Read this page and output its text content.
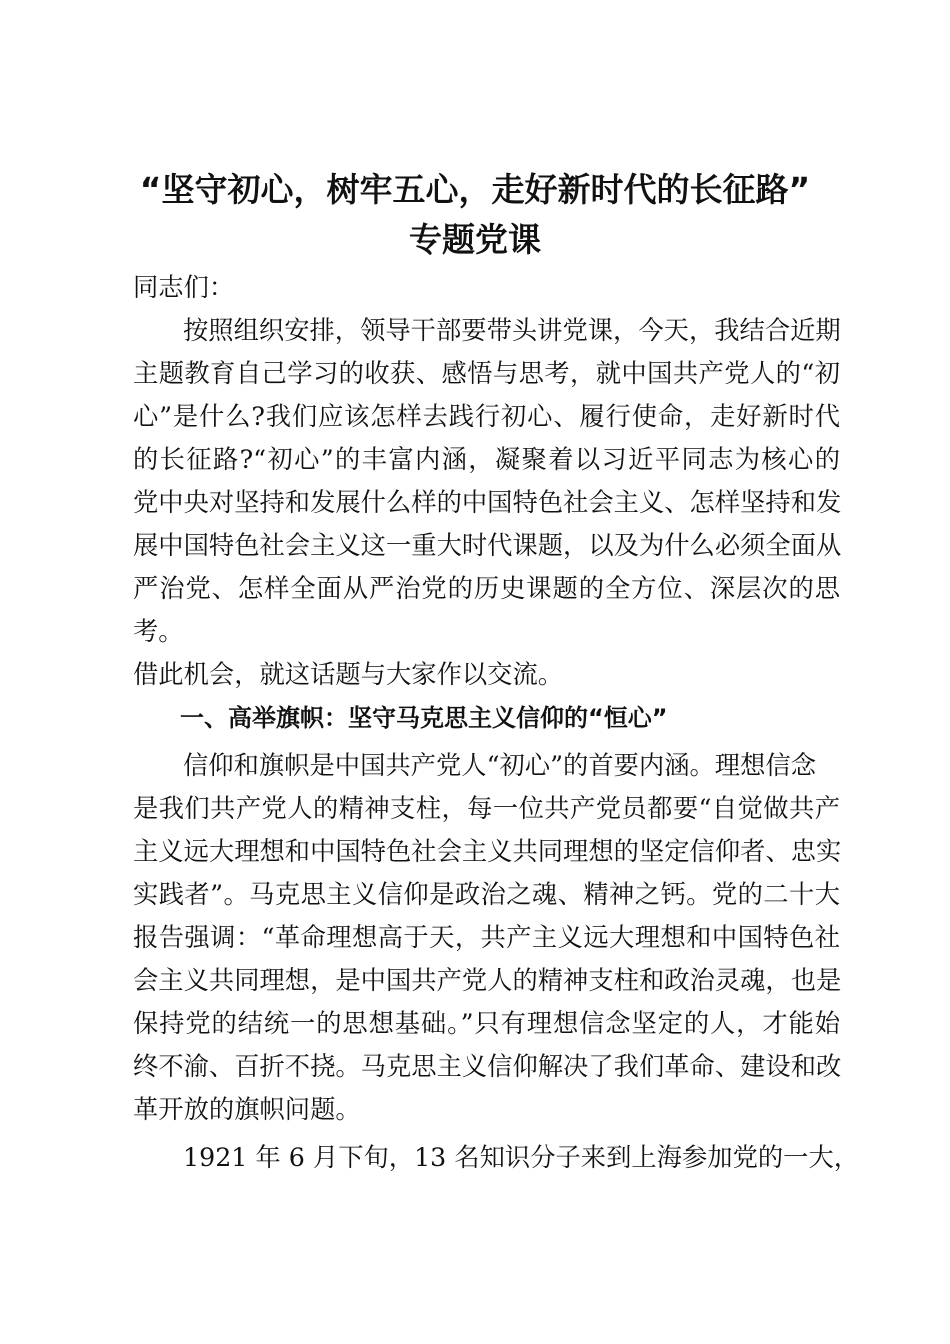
“坚守初心，树牢五心，走好新时代的长征路”
专题党课
同志们：
按照组织安排，领导干部要带头讲党课，今天，我结合近期
主题教育自己学习的收获、感悟与思考，就中国共产党人的“初
心”是什么?我们应该怎样去践行初心、履行使命，走好新时代
的长征路?“初心”的丰富内涵，凝聚着以习近平同志为核心的
党中央对坚持和发展什么样的中国特色社会主义、怎样坚持和发
展中国特色社会主义这一重大时代课题，以及为什么必须全面从
严治党、怎样全面从严治党的历史课题的全方位、深层次的思
考。
借此机会，就这话题与大家作以交流。
一、高举旗帜：坚守马克思主义信仰的“恒心”
信仰和旗帜是中国共产党人“初心”的首要内涵。理想信念
是我们共产党人的精神支柱，每一位共产党员都要“自觉做共产
主义远大理想和中国特色社会主义共同理想的坚定信仰者、忠实
实践者”。马克思主义信仰是政治之魂、精神之钙。党的二十大
报告强调：“革命理想高于天，共产主义远大理想和中国特色社
会主义共同理想，是中国共产党人的精神支柱和政治灵魂，也是
保持党的结统一的思想基础。”只有理想信念坚定的人，才能始
终不渝、百折不挠。马克思主义信仰解决了我们革命、建设和改
革开放的旗帜问题。
1921 年 6 月下旬，13 名知识分子来到上海参加党的一大，
